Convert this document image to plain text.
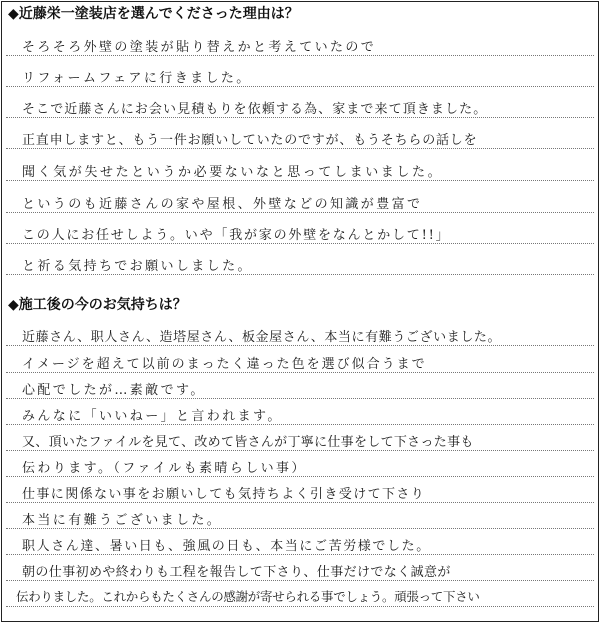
◆近藤栄一塗装店を選んでくださった理由は？
そろそろ外壁の塗装が貼り替えかと考えていたので
リフォームフェアに行きました。
そこで近藤さんにお会い見積もりを依頼する為、家まで来て頂きました。
正直申しますと、もう一件お願いしていたのですが、もうそちらの話しを
聞く気が失せたというか必要ないなと思ってしまいました。
というのも近藤さんの家や屋根、外壁などの知識が豊富で
この人にお任せしよう。いや「我が家の外壁をなんとかして!!」
と祈る気持ちでお願いしました。
◆施工後の今のお気持ちは？
近藤さん、职人さん、造塔屋さん、板金屋さん、本当に有難うございました。
イメージを超えて以前のまったく違った色を選び似合うまで
心配でしたが…素敵です。
みんなに「いいねー」と言われます。
又、頂いたファイルを見て、改めて皆さんが丁寧に仕事をして下さった事も
伝わります。（ファイルも素晴らしい事）
仕事に関係ない事をお願いしても気持ちよく引き受けて下さり
本当に有難うございました。
职人さん達、暑い日も、強風の日も、本当にご苦労様でした。
朝の仕事初めや終わりも工程を報告して下さり、仕事だけでなく誠意が
伝わりました。これからもたくさんの感謝が寄せられる事でしょう。頑張って下さい
